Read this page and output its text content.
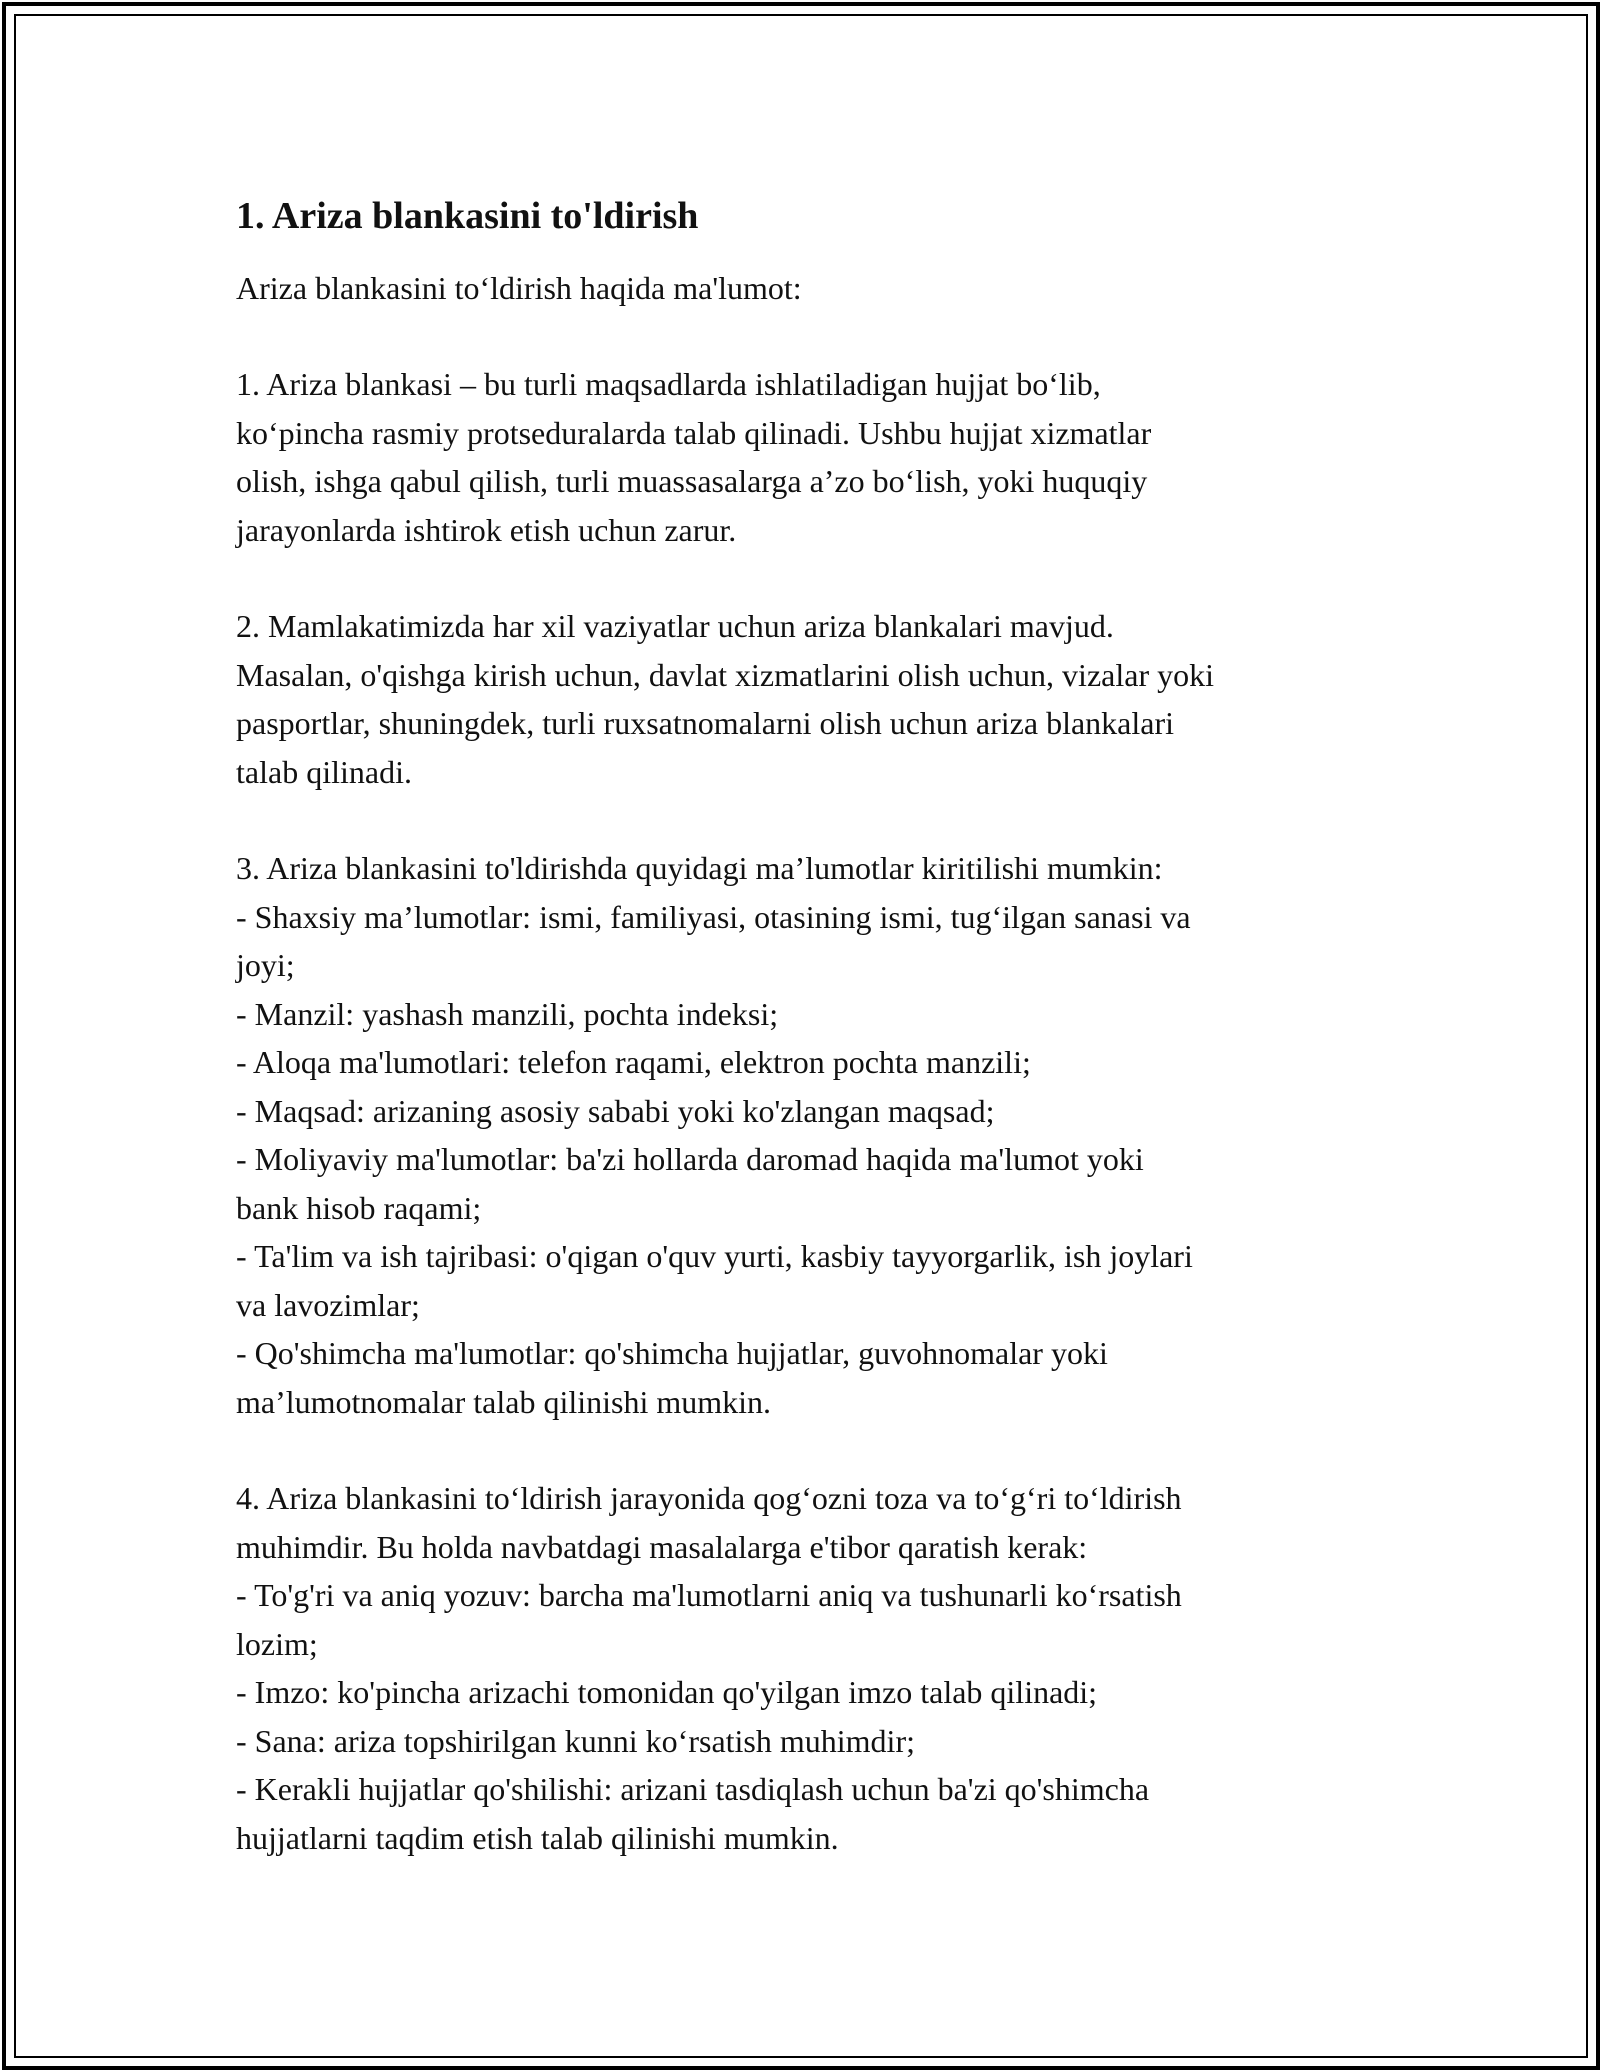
1. Ariza blankasini to'ldirish

Ariza blankasini to‘ldirish haqida ma'lumot:

1. Ariza blankasi – bu turli maqsadlarda ishlatiladigan hujjat bo‘lib,

ko‘pincha rasmiy protseduralarda talab qilinadi. Ushbu hujjat xizmatlar

olish, ishga qabul qilish, turli muassasalarga a’zo bo‘lish, yoki huquqiy

jarayonlarda ishtirok etish uchun zarur.

2. Mamlakatimizda har xil vaziyatlar uchun ariza blankalari mavjud.

Masalan, o'qishga kirish uchun, davlat xizmatlarini olish uchun, vizalar yoki

pasportlar, shuningdek, turli ruxsatnomalarni olish uchun ariza blankalari

talab qilinadi.

3. Ariza blankasini to'ldirishda quyidagi ma’lumotlar kiritilishi mumkin:

- Shaxsiy ma’lumotlar: ismi, familiyasi, otasining ismi, tug‘ilgan sanasi va

joyi;

- Manzil: yashash manzili, pochta indeksi;

- Aloqa ma'lumotlari: telefon raqami, elektron pochta manzili;

- Maqsad: arizaning asosiy sababi yoki ko'zlangan maqsad;

- Moliyaviy ma'lumotlar: ba'zi hollarda daromad haqida ma'lumot yoki

bank hisob raqami;

- Ta'lim va ish tajribasi: o'qigan o'quv yurti, kasbiy tayyorgarlik, ish joylari

va lavozimlar;

- Qo'shimcha ma'lumotlar: qo'shimcha hujjatlar, guvohnomalar yoki

ma’lumotnomalar talab qilinishi mumkin.

4. Ariza blankasini to‘ldirish jarayonida qog‘ozni toza va to‘g‘ri to‘ldirish

muhimdir. Bu holda navbatdagi masalalarga e'tibor qaratish kerak:

- To'g'ri va aniq yozuv: barcha ma'lumotlarni aniq va tushunarli ko‘rsatish

lozim;

- Imzo: ko'pincha arizachi tomonidan qo'yilgan imzo talab qilinadi;

- Sana: ariza topshirilgan kunni ko‘rsatish muhimdir;

- Kerakli hujjatlar qo'shilishi: arizani tasdiqlash uchun ba'zi qo'shimcha

hujjatlarni taqdim etish talab qilinishi mumkin.
